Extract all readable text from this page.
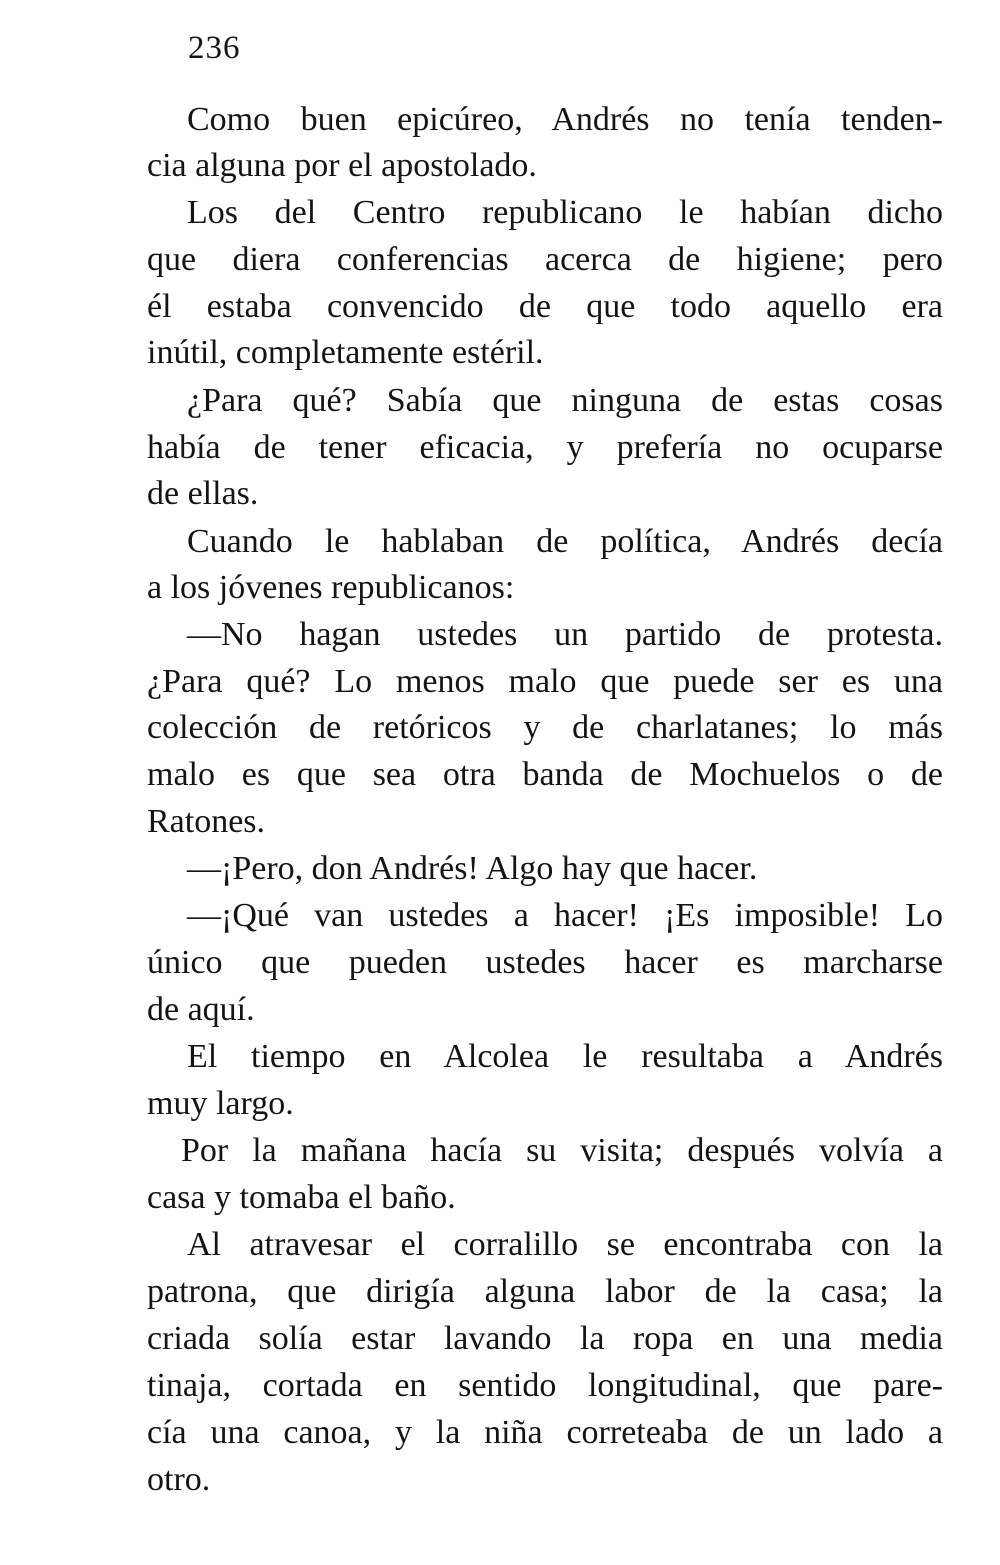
236
Como buen epicúreo, Andrés no tenía tenden-
cia alguna por el apostolado.
Los del Centro republicano le habían dicho
que diera conferencias acerca de higiene; pero
él estaba convencido de que todo aquello era
inútil, completamente estéril.
¿Para qué? Sabía que ninguna de estas cosas
había de tener eficacia, y prefería no ocuparse
de ellas.
Cuando le hablaban de política, Andrés decía
a los jóvenes republicanos:
—No hagan ustedes un partido de protesta.
¿Para qué? Lo menos malo que puede ser es una
colección de retóricos y de charlatanes; lo más
malo es que sea otra banda de Mochuelos o de
Ratones.
—¡Pero, don Andrés! Algo hay que hacer.
—¡Qué van ustedes a hacer! ¡Es imposible! Lo
único que pueden ustedes hacer es marcharse
de aquí.
El tiempo en Alcolea le resultaba a Andrés
muy largo.
Por la mañana hacía su visita; después volvía a
casa y tomaba el baño.
Al atravesar el corralillo se encontraba con la
patrona, que dirigía alguna labor de la casa; la
criada solía estar lavando la ropa en una media
tinaja, cortada en sentido longitudinal, que pare-
cía una canoa, y la niña correteaba de un lado a
otro.
